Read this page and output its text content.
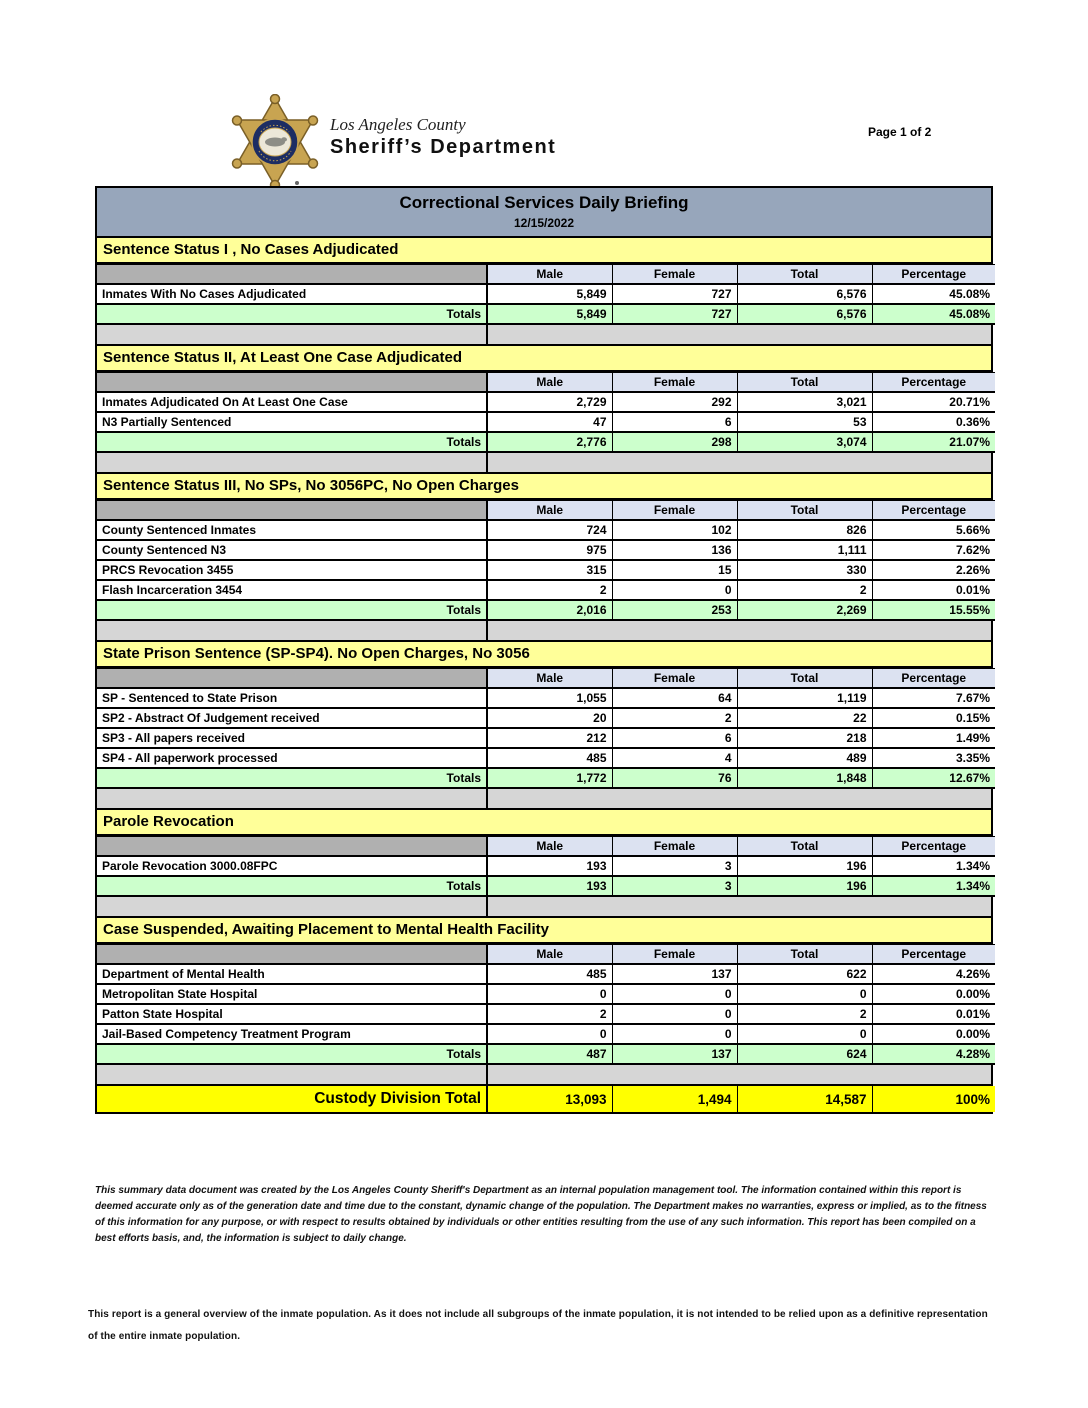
Los Angeles County
Sheriff’s Department
Page 1 of 2
Correctional Services Daily Briefing
12/15/2022
Sentence Status I , No Cases Adjudicated
	Male	Female	Total	Percentage
Inmates With No Cases Adjudicated	5,849	727	6,576	45.08%
Totals	5,849	727	6,576	45.08%
Sentence Status II, At Least One Case Adjudicated
	Male	Female	Total	Percentage
Inmates Adjudicated On At Least One Case	2,729	292	3,021	20.71%
N3 Partially Sentenced	47	6	53	0.36%
Totals	2,776	298	3,074	21.07%
Sentence Status III, No SPs, No 3056PC, No Open Charges
	Male	Female	Total	Percentage
County Sentenced Inmates	724	102	826	5.66%
County Sentenced N3	975	136	1,111	7.62%
PRCS Revocation 3455	315	15	330	2.26%
Flash Incarceration 3454	2	0	2	0.01%
Totals	2,016	253	2,269	15.55%
State Prison Sentence (SP-SP4). No Open Charges, No 3056
	Male	Female	Total	Percentage
SP - Sentenced to State Prison	1,055	64	1,119	7.67%
SP2 - Abstract Of Judgement received	20	2	22	0.15%
SP3 - All papers received	212	6	218	1.49%
SP4 - All paperwork processed	485	4	489	3.35%
Totals	1,772	76	1,848	12.67%
Parole Revocation
	Male	Female	Total	Percentage
Parole Revocation 3000.08FPC	193	3	196	1.34%
Totals	193	3	196	1.34%
Case Suspended, Awaiting Placement to Mental Health Facility
	Male	Female	Total	Percentage
Department of Mental Health	485	137	622	4.26%
Metropolitan State Hospital	0	0	0	0.00%
Patton State Hospital	2	0	2	0.01%
Jail-Based Competency Treatment Program	0	0	0	0.00%
Totals	487	137	624	4.28%
Custody Division Total	13,093	1,494	14,587	100%
This summary data document was created by the Los Angeles County Sheriff's Department as an internal population management tool. The information contained within this report is deemed accurate only as of the generation date and time due to the constant, dynamic change of the population. The Department makes no warranties, express or implied, as to the fitness of this information for any purpose, or with respect to results obtained by individuals or other entities resulting from the use of any such information. This report has been compiled on a best efforts basis, and, the information is subject to daily change.
This report is a general overview of the inmate population. As it does not include all subgroups of the inmate population, it is not intended to be relied upon as a definitive representation of the entire inmate population.
